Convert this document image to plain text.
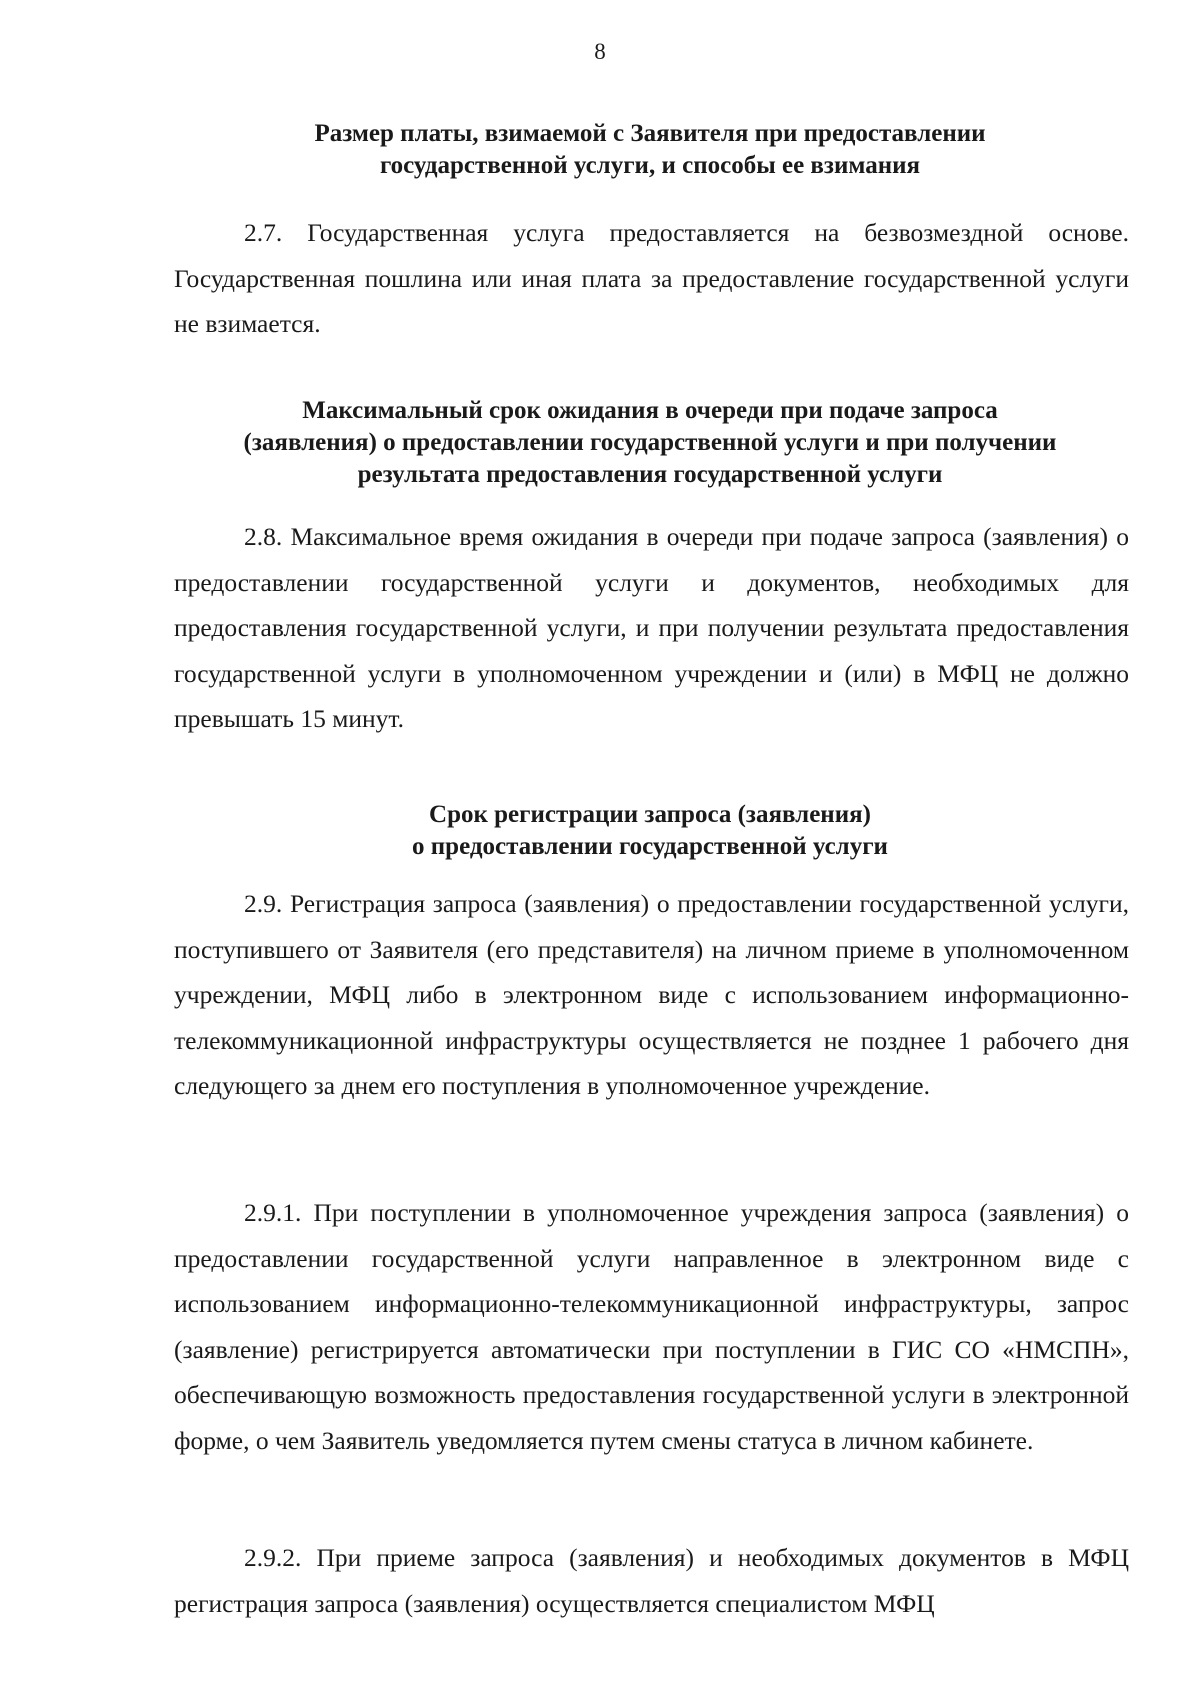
8
Размер платы, взимаемой с Заявителя при предоставлении
государственной услуги, и способы ее взимания
2.7. Государственная услуга предоставляется на безвозмездной основе. Государственная пошлина или иная плата за предоставление государственной услуги не взимается.
Максимальный срок ожидания в очереди при подаче запроса
(заявления) о предоставлении государственной услуги и при получении
результата предоставления государственной услуги
2.8. Максимальное время ожидания в очереди при подаче запроса (заявления) о предоставлении государственной услуги и документов, необходимых для предоставления государственной услуги, и при получении результата предоставления государственной услуги в уполномоченном учреждении и (или) в МФЦ не должно превышать 15 минут.
Срок регистрации запроса (заявления)
о предоставлении государственной услуги
2.9. Регистрация запроса (заявления) о предоставлении государственной услуги, поступившего от Заявителя (его представителя) на личном приеме в уполномоченном учреждении, МФЦ либо в электронном виде с использованием информационно-телекоммуникационной инфраструктуры осуществляется не позднее 1 рабочего дня следующего за днем его поступления в уполномоченное учреждение.
2.9.1. При поступлении в уполномоченное учреждения запроса (заявления) о предоставлении государственной услуги направленное в электронном виде с использованием информационно-телекоммуникационной инфраструктуры, запрос (заявление) регистрируется автоматически при поступлении в ГИС СО «НМСПН», обеспечивающую возможность предоставления государственной услуги в электронной форме, о чем Заявитель уведомляется путем смены статуса в личном кабинете.
2.9.2. При приеме запроса (заявления) и необходимых документов в МФЦ регистрация запроса (заявления) осуществляется специалистом МФЦ
